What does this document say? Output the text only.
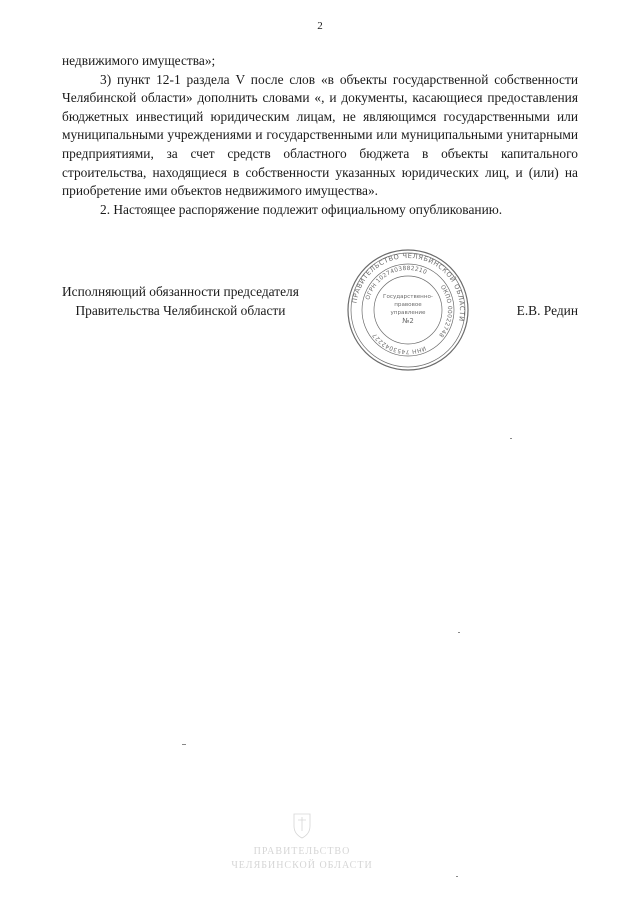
2

недвижимого имущества»;

3) пункт 12-1 раздела V после слов «в объекты государственной собственности Челябинской области» дополнить словами «, и документы, касающиеся предоставления бюджетных инвестиций юридическим лицам, не являющимся государственными или муниципальными учреждениями и государственными или муниципальными унитарными предприятиями, за счет средств областного бюджета в объекты капитального строительства, находящиеся в собственности указанных юридических лиц, и (или) на приобретение ими объектов недвижимого имущества».

2. Настоящее распоряжение подлежит официальному опубликованию.

Исполняющий обязанности председателя
Правительства Челябинской области	Е.В. Редин
ПРАВИТЕЛЬСТВО ЧЕЛЯБИНСКОЙ ОБЛАСТИ
ОГРН 1027403882210
ОКПО 00022748
ИНН 7453042227
Государственно-
правовое
управление
№2
ПРАВИТЕЛЬСТВО
ЧЕЛЯБИНСКОЙ ОБЛАСТИ
